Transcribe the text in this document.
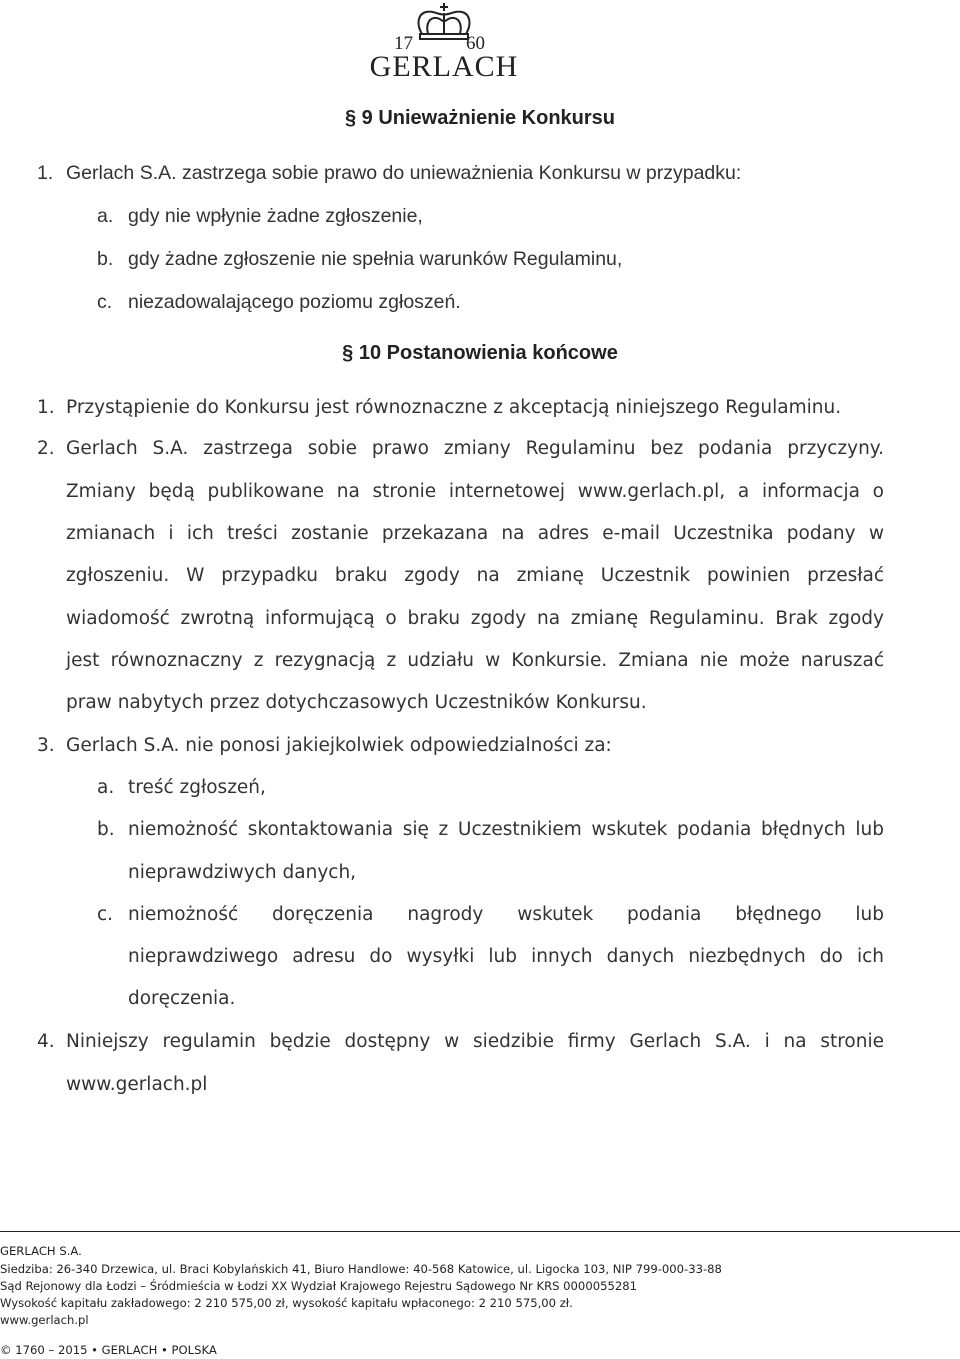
17	60
GERLACH
§ 9 Unieważnienie Konkursu
1. Gerlach S.A. zastrzega sobie prawo do unieważnienia Konkursu w przypadku:
a. gdy nie wpłynie żadne zgłoszenie,
b. gdy żadne zgłoszenie nie spełnia warunków Regulaminu,
c. niezadowalającego poziomu zgłoszeń.
§ 10 Postanowienia końcowe
1. Przystąpienie do Konkursu jest równoznaczne z akceptacją niniejszego Regulaminu.
2. Gerlach S.A. zastrzega sobie prawo zmiany Regulaminu bez podania przyczyny.
Zmiany będą publikowane na stronie internetowej www.gerlach.pl, a informacja o
zmianach i ich treści zostanie przekazana na adres e-mail Uczestnika podany w
zgłoszeniu. W przypadku braku zgody na zmianę Uczestnik powinien przesłać
wiadomość zwrotną informującą o braku zgody na zmianę Regulaminu. Brak zgody
jest równoznaczny z rezygnacją z udziału w Konkursie. Zmiana nie może naruszać
praw nabytych przez dotychczasowych Uczestników Konkursu.
3. Gerlach S.A. nie ponosi jakiejkolwiek odpowiedzialności za:
a. treść zgłoszeń,
b. niemożność skontaktowania się z Uczestnikiem wskutek podania błędnych lub
nieprawdziwych danych,
c. niemożność doręczenia nagrody wskutek podania błędnego lub
nieprawdziwego adresu do wysyłki lub innych danych niezbędnych do ich
doręczenia.
4. Niniejszy regulamin będzie dostępny w siedzibie firmy Gerlach S.A. i na stronie
www.gerlach.pl
GERLACH S.A.
Siedziba: 26-340 Drzewica, ul. Braci Kobylańskich 41, Biuro Handlowe: 40-568 Katowice, ul. Ligocka 103, NIP 799-000-33-88
Sąd Rejonowy dla Łodzi – Śródmieścia w Łodzi XX Wydział Krajowego Rejestru Sądowego Nr KRS 0000055281
Wysokość kapitału zakładowego: 2 210 575,00 zł, wysokość kapitału wpłaconego: 2 210 575,00 zł.
www.gerlach.pl
© 1760 – 2015 • GERLACH • POLSKA
